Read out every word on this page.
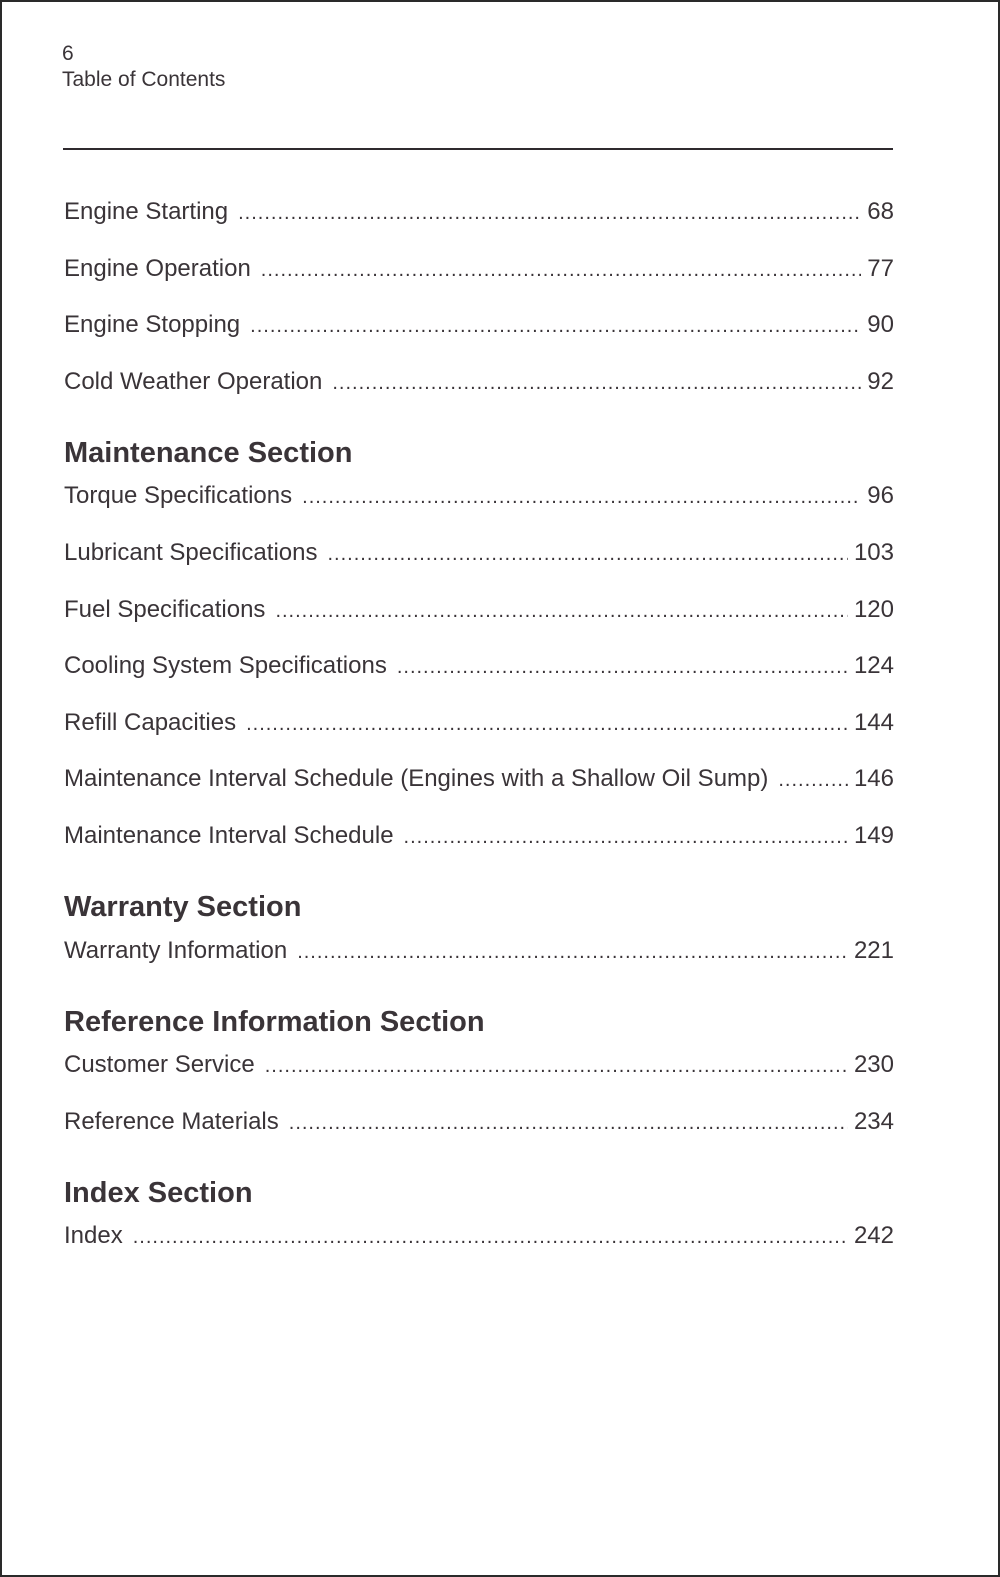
6
Table of Contents
Engine Starting .....	68
Engine Operation .....	77
Engine Stopping .....	90
Cold Weather Operation .....	92
Maintenance Section
Torque Specifications .....	96
Lubricant Specifications .....	103
Fuel Specifications .....	120
Cooling System Specifications .....	124
Refill Capacities .....	144
Maintenance Interval Schedule (Engines with a Shallow Oil Sump) .....	146
Maintenance Interval Schedule .....	149
Warranty Section
Warranty Information .....	221
Reference Information Section
Customer Service .....	230
Reference Materials .....	234
Index Section
Index .....	242
